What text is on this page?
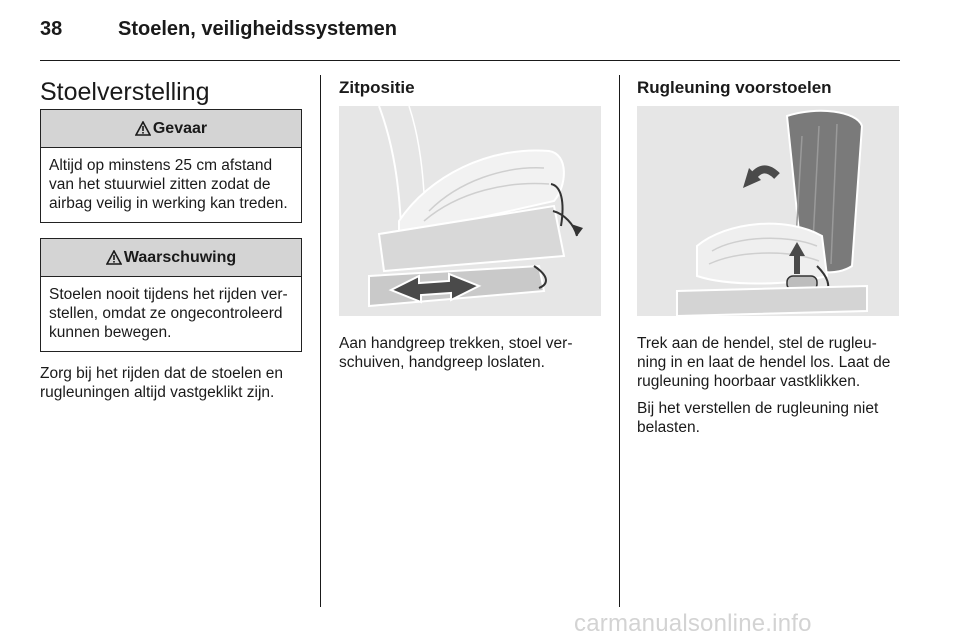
38	Stoelen, veiligheidssystemen
Stoelverstelling
Gevaar
Altijd op minstens 25 cm afstand van het stuurwiel zitten zodat de airbag veilig in werking kan treden.
Waarschuwing
Stoelen nooit tijdens het rijden ver- stellen, omdat ze ongecontroleerd kunnen bewegen.

Zorg bij het rijden dat de stoelen en rugleuningen altijd vastgeklikt zijn.

Zitpositie

Aan handgreep trekken, stoel ver- schuiven, handgreep loslaten.

Rugleuning voorstoelen

Trek aan de hendel, stel de rugleu- ning in en laat de hendel los. Laat de rugleuning hoorbaar vastklikken.

Bij het verstellen de rugleuning niet belasten.

carmanualsonline.info
